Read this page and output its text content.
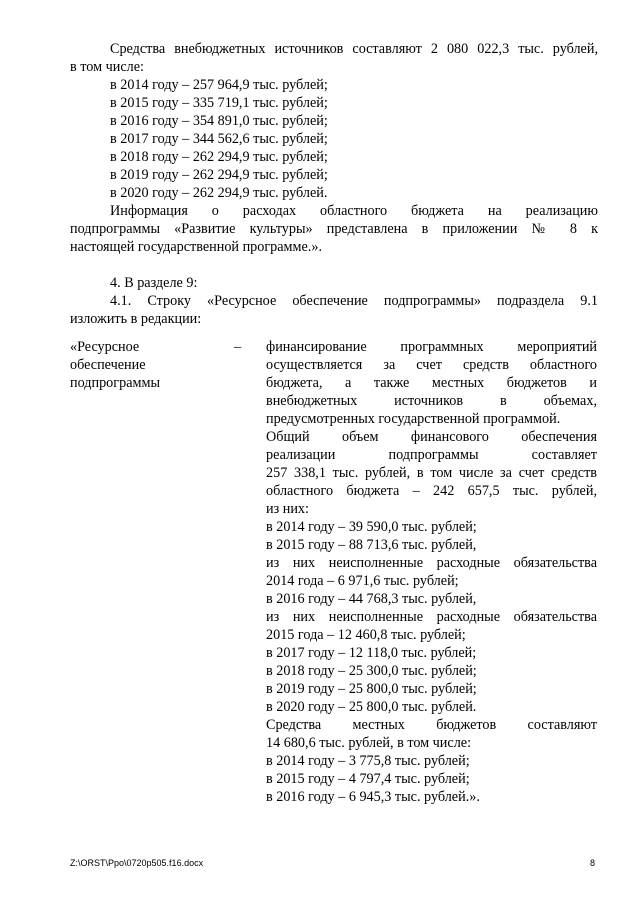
Средства внебюджетных источников составляют 2 080 022,3 тыс. рублей,
в том числе:
в 2014 году – 257 964,9 тыс. рублей;
в 2015 году – 335 719,1 тыс. рублей;
в 2016 году – 354 891,0 тыс. рублей;
в 2017 году – 344 562,6 тыс. рублей;
в 2018 году – 262 294,9 тыс. рублей;
в 2019 году – 262 294,9 тыс. рублей;
в 2020 году – 262 294,9 тыс. рублей.
Информация о расходах областного бюджета на реализацию
подпрограммы «Развитие культуры» представлена в приложении № 8 к
настоящей государственной программе.».
4. В разделе 9:
4.1. Строку «Ресурсное обеспечение подпрограммы» подраздела 9.1
изложить в редакции:
«Ресурсное
обеспечение
подпрограммы
– финансирование программных мероприятий
осуществляется за счет средств областного
бюджета, а также местных бюджетов и
внебюджетных источников в объемах,
предусмотренных государственной программой.
Общий объем финансового обеспечения
реализации подпрограммы составляет
257 338,1 тыс. рублей, в том числе за счет средств
областного бюджета – 242 657,5 тыс. рублей,
из них:
в 2014 году – 39 590,0 тыс. рублей;
в 2015 году – 88 713,6 тыс. рублей,
из них неисполненные расходные обязательства
2014 года – 6 971,6 тыс. рублей;
в 2016 году – 44 768,3 тыс. рублей,
из них неисполненные расходные обязательства
2015 года – 12 460,8 тыс. рублей;
в 2017 году – 12 118,0 тыс. рублей;
в 2018 году – 25 300,0 тыс. рублей;
в 2019 году – 25 800,0 тыс. рублей;
в 2020 году – 25 800,0 тыс. рублей.
Средства местных бюджетов составляют
14 680,6 тыс. рублей, в том числе:
в 2014 году – 3 775,8 тыс. рублей;
в 2015 году – 4 797,4 тыс. рублей;
в 2016 году – 6 945,3 тыс. рублей.».
Z:\ORST\Ppo\0720p505.f16.docx	8
